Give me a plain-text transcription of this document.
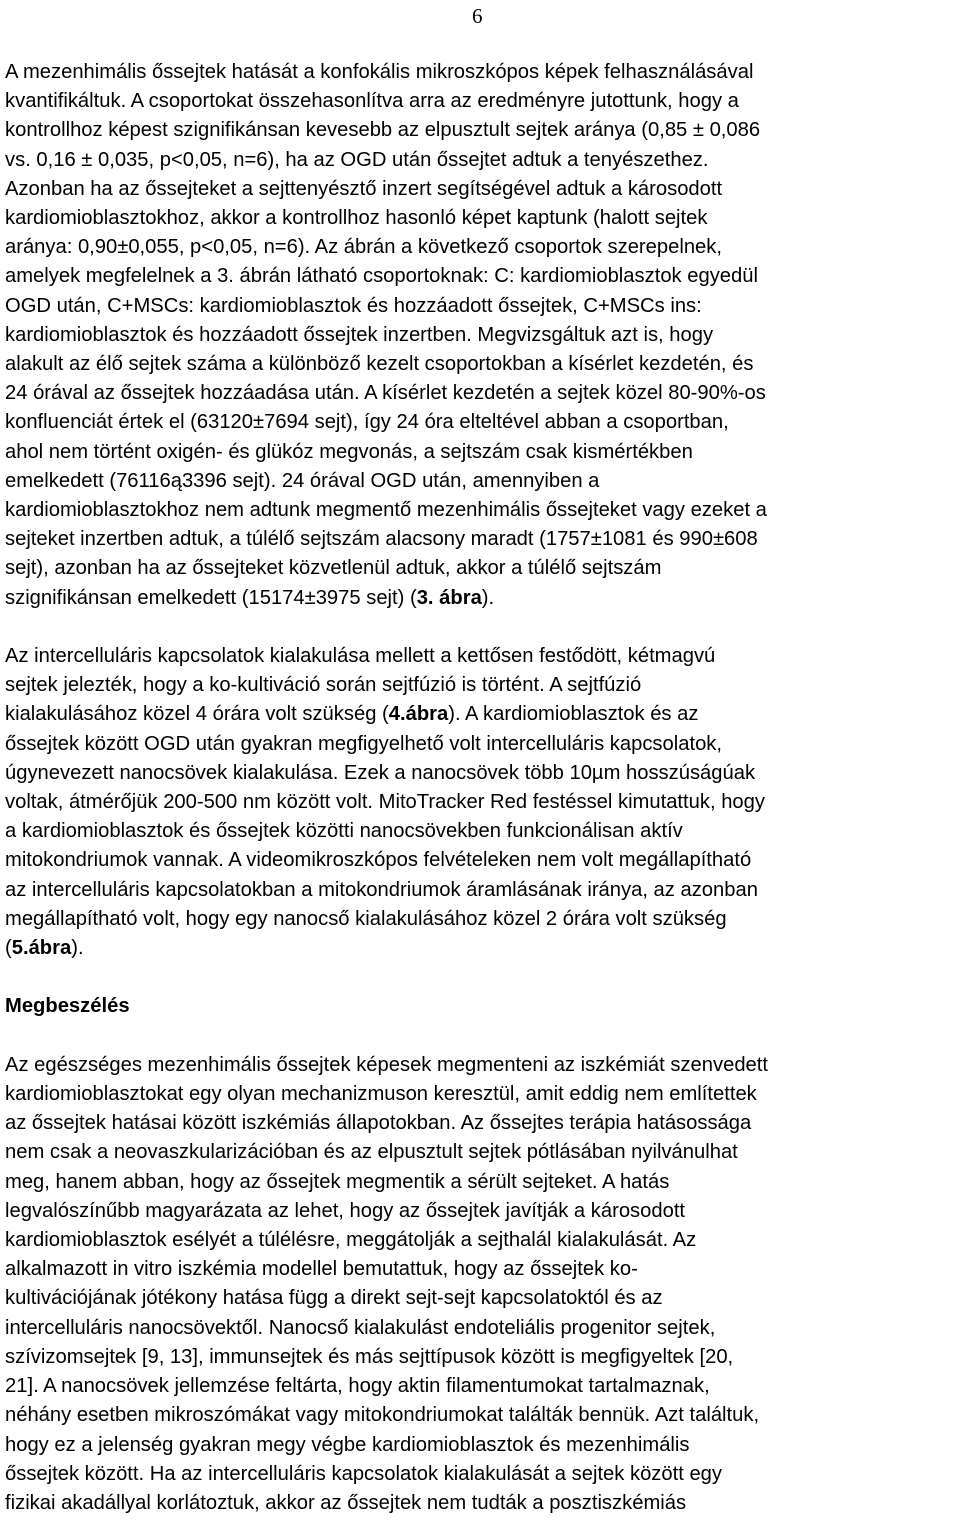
6

A mezenhimális őssejtek hatását a konfokális mikroszkópos képek felhasználásával
kvantifikáltuk. A csoportokat összehasonlítva arra az eredményre jutottunk, hogy a
kontrollhoz képest szignifikánsan kevesebb az elpusztult sejtek aránya (0,85 ± 0,086
vs. 0,16 ± 0,035, p<0,05, n=6), ha az OGD után őssejtet adtuk a tenyészethez.
Azonban ha az őssejteket a sejttenyésztő inzert segítségével adtuk a károsodott
kardiomioblasztokhoz, akkor a kontrollhoz hasonló képet kaptunk (halott sejtek
aránya: 0,90±0,055, p<0,05, n=6). Az ábrán a következő csoportok szerepelnek,
amelyek megfelelnek a 3. ábrán látható csoportoknak: C: kardiomioblasztok egyedül
OGD után, C+MSCs: kardiomioblasztok és hozzáadott őssejtek, C+MSCs ins:
kardiomioblasztok és hozzáadott őssejtek inzertben. Megvizsgáltuk azt is, hogy
alakult az élő sejtek száma a különböző kezelt csoportokban a kísérlet kezdetén, és
24 órával az őssejtek hozzáadása után. A kísérlet kezdetén a sejtek közel 80-90%-os
konfluenciát értek el (63120±7694 sejt), így 24 óra elteltével abban a csoportban,
ahol nem történt oxigén- és glükóz megvonás, a sejtszám csak kismértékben
emelkedett (76116ą3396 sejt). 24 órával OGD után, amennyiben a
kardiomioblasztokhoz nem adtunk megmentő mezenhimális őssejteket vagy ezeket a
sejteket inzertben adtuk, a túlélő sejtszám alacsony maradt (1757±1081 és 990±608
sejt), azonban ha az őssejteket közvetlenül adtuk, akkor a túlélő sejtszám
szignifikánsan emelkedett (15174±3975 sejt) (3. ábra).

Az intercelluláris kapcsolatok kialakulása mellett a kettősen festődött, kétmagvú
sejtek jelezték, hogy a ko-kultiváció során sejtfúzió is történt. A sejtfúzió
kialakulásához közel 4 órára volt szükség (4.ábra). A kardiomioblasztok és az
őssejtek között OGD után gyakran megfigyelhető volt intercelluláris kapcsolatok,
úgynevezett nanocsövek kialakulása. Ezek a nanocsövek több 10µm hosszúságúak
voltak, átmérőjük 200-500 nm között volt. MitoTracker Red festéssel kimutattuk, hogy
a kardiomioblasztok és őssejtek közötti nanocsövekben funkcionálisan aktív
mitokondriumok vannak. A videomikroszkópos felvételeken nem volt megállapítható
az intercelluláris kapcsolatokban a mitokondriumok áramlásának iránya, az azonban
megállapítható volt, hogy egy nanocső kialakulásához közel 2 órára volt szükség
(5.ábra).

Megbeszélés

Az egészséges mezenhimális őssejtek képesek megmenteni az iszkémiát szenvedett
kardiomioblasztokat egy olyan mechanizmuson keresztül, amit eddig nem említettek
az őssejtek hatásai között iszkémiás állapotokban. Az őssejtes terápia hatásossága
nem csak a neovaszkularizációban és az elpusztult sejtek pótlásában nyilvánulhat
meg, hanem abban, hogy az őssejtek megmentik a sérült sejteket. A hatás
legvalószínűbb magyarázata az lehet, hogy az őssejtek javítják a károsodott
kardiomioblasztok esélyét a túlélésre, meggátolják a sejthalál kialakulását. Az
alkalmazott in vitro iszkémia modellel bemutattuk, hogy az őssejtek ko-
kultivációjának jótékony hatása függ a direkt sejt-sejt kapcsolatoktól és az
intercelluláris nanocsövektől. Nanocső kialakulást endoteliális progenitor sejtek,
szívizomsejtek [9, 13], immunsejtek és más sejttípusok között is megfigyeltek [20,
21]. A nanocsövek jellemzése feltárta, hogy aktin filamentumokat tartalmaznak,
néhány esetben mikroszómákat vagy mitokondriumokat találták bennük. Azt találtuk,
hogy ez a jelenség gyakran megy végbe kardiomioblasztok és mezenhimális
őssejtek között. Ha az intercelluláris kapcsolatok kialakulását a sejtek között egy
fizikai akadállyal korlátoztuk, akkor az őssejtek nem tudták a posztiszkémiás
